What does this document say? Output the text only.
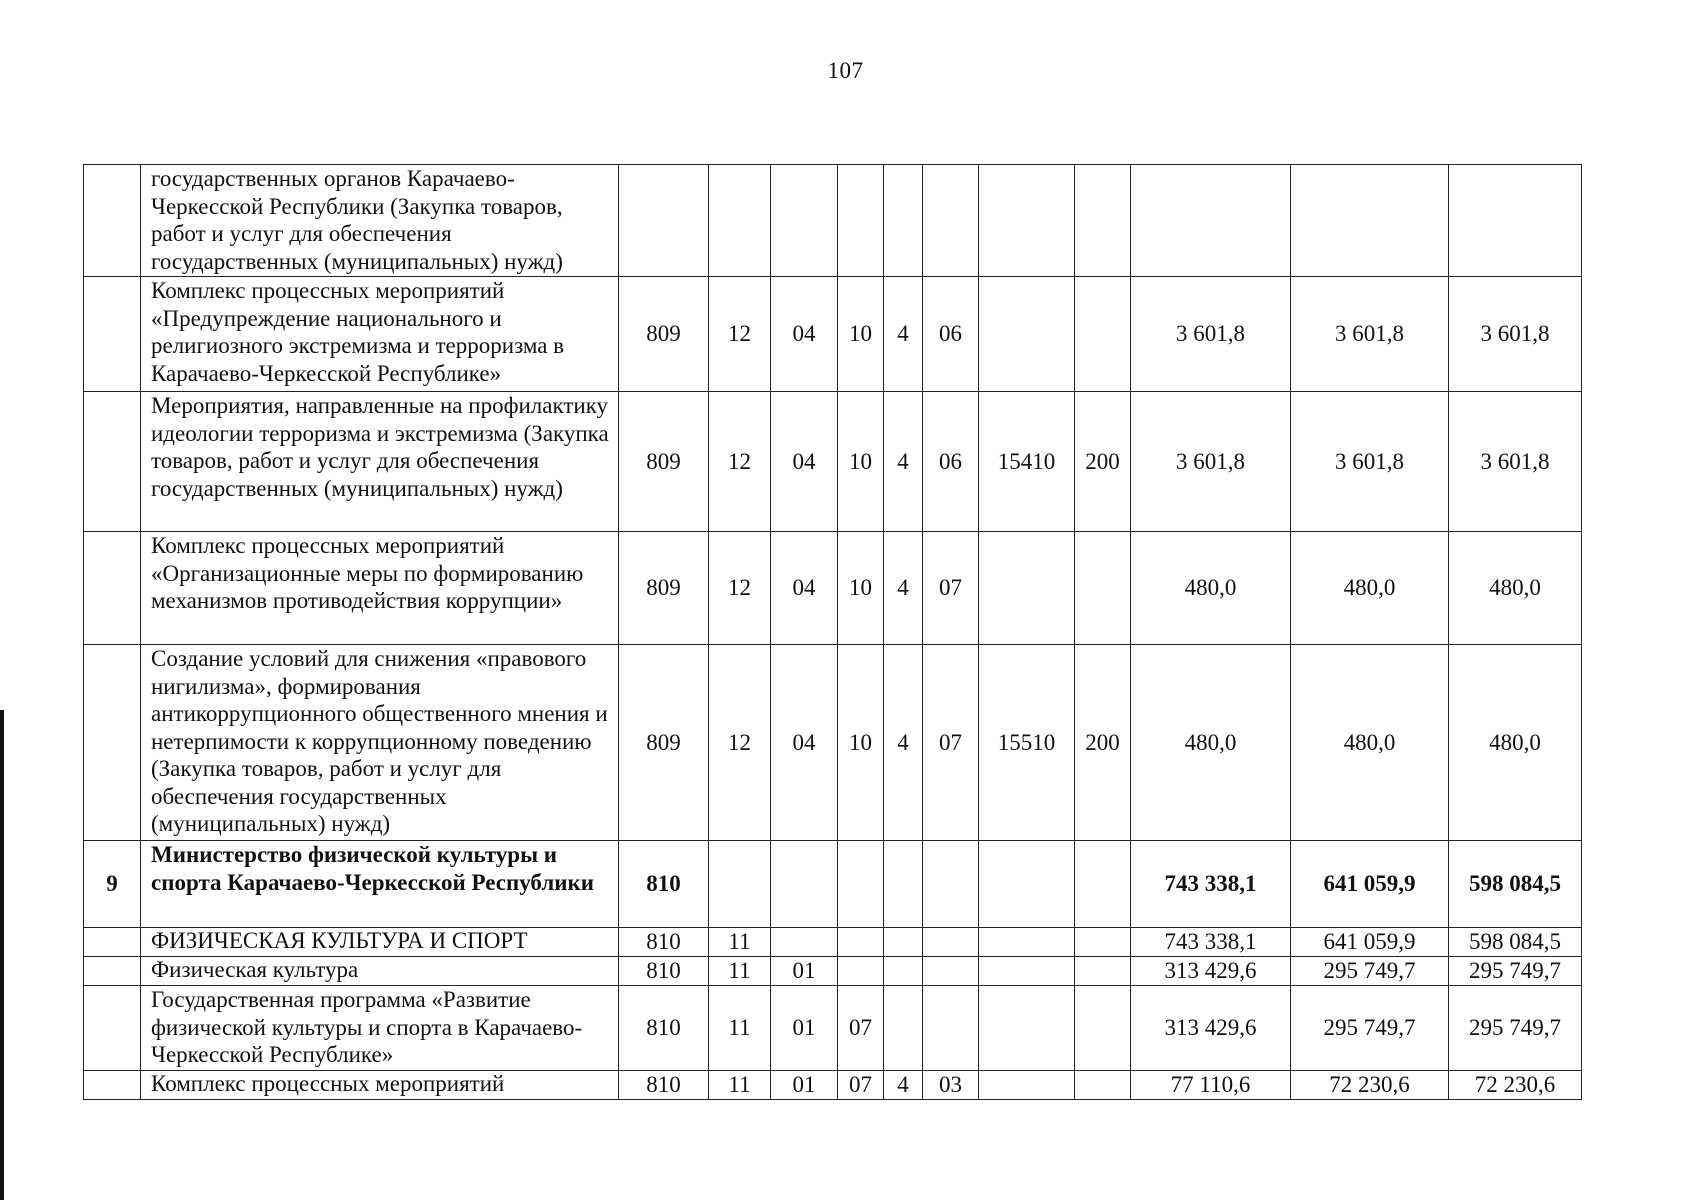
107
	государственных органов Карачаево-Черкесской Республики (Закупка товаров, работ и услуг для обеспечения государственных (муниципальных) нужд)											
	Комплекс процессных мероприятий «Предупреждение национального и религиозного экстремизма и терроризма в Карачаево-Черкесской Республике»	809	12	04	10	4	06			3 601,8	3 601,8	3 601,8
	Мероприятия, направленные на профилактику идеологии терроризма и экстремизма (Закупка товаров, работ и услуг для обеспечения государственных (муниципальных) нужд)	809	12	04	10	4	06	15410	200	3 601,8	3 601,8	3 601,8
	Комплекс процессных мероприятий «Организационные меры по формированию механизмов противодействия коррупции»	809	12	04	10	4	07			480,0	480,0	480,0
	Создание условий для снижения «правового нигилизма», формирования антикоррупционного общественного мнения и нетерпимости к коррупционному поведению (Закупка товаров, работ и услуг для обеспечения государственных (муниципальных) нужд)	809	12	04	10	4	07	15510	200	480,0	480,0	480,0
9	Министерство физической культуры и спорта Карачаево-Черкесской Республики	810								743 338,1	641 059,9	598 084,5
	ФИЗИЧЕСКАЯ КУЛЬТУРА И СПОРТ	810	11							743 338,1	641 059,9	598 084,5
	Физическая культура	810	11	01						313 429,6	295 749,7	295 749,7
	Государственная программа «Развитие физической культуры и спорта в Карачаево-Черкесской Республике»	810	11	01	07					313 429,6	295 749,7	295 749,7
	Комплекс процессных мероприятий	810	11	01	07	4	03			77 110,6	72 230,6	72 230,6
